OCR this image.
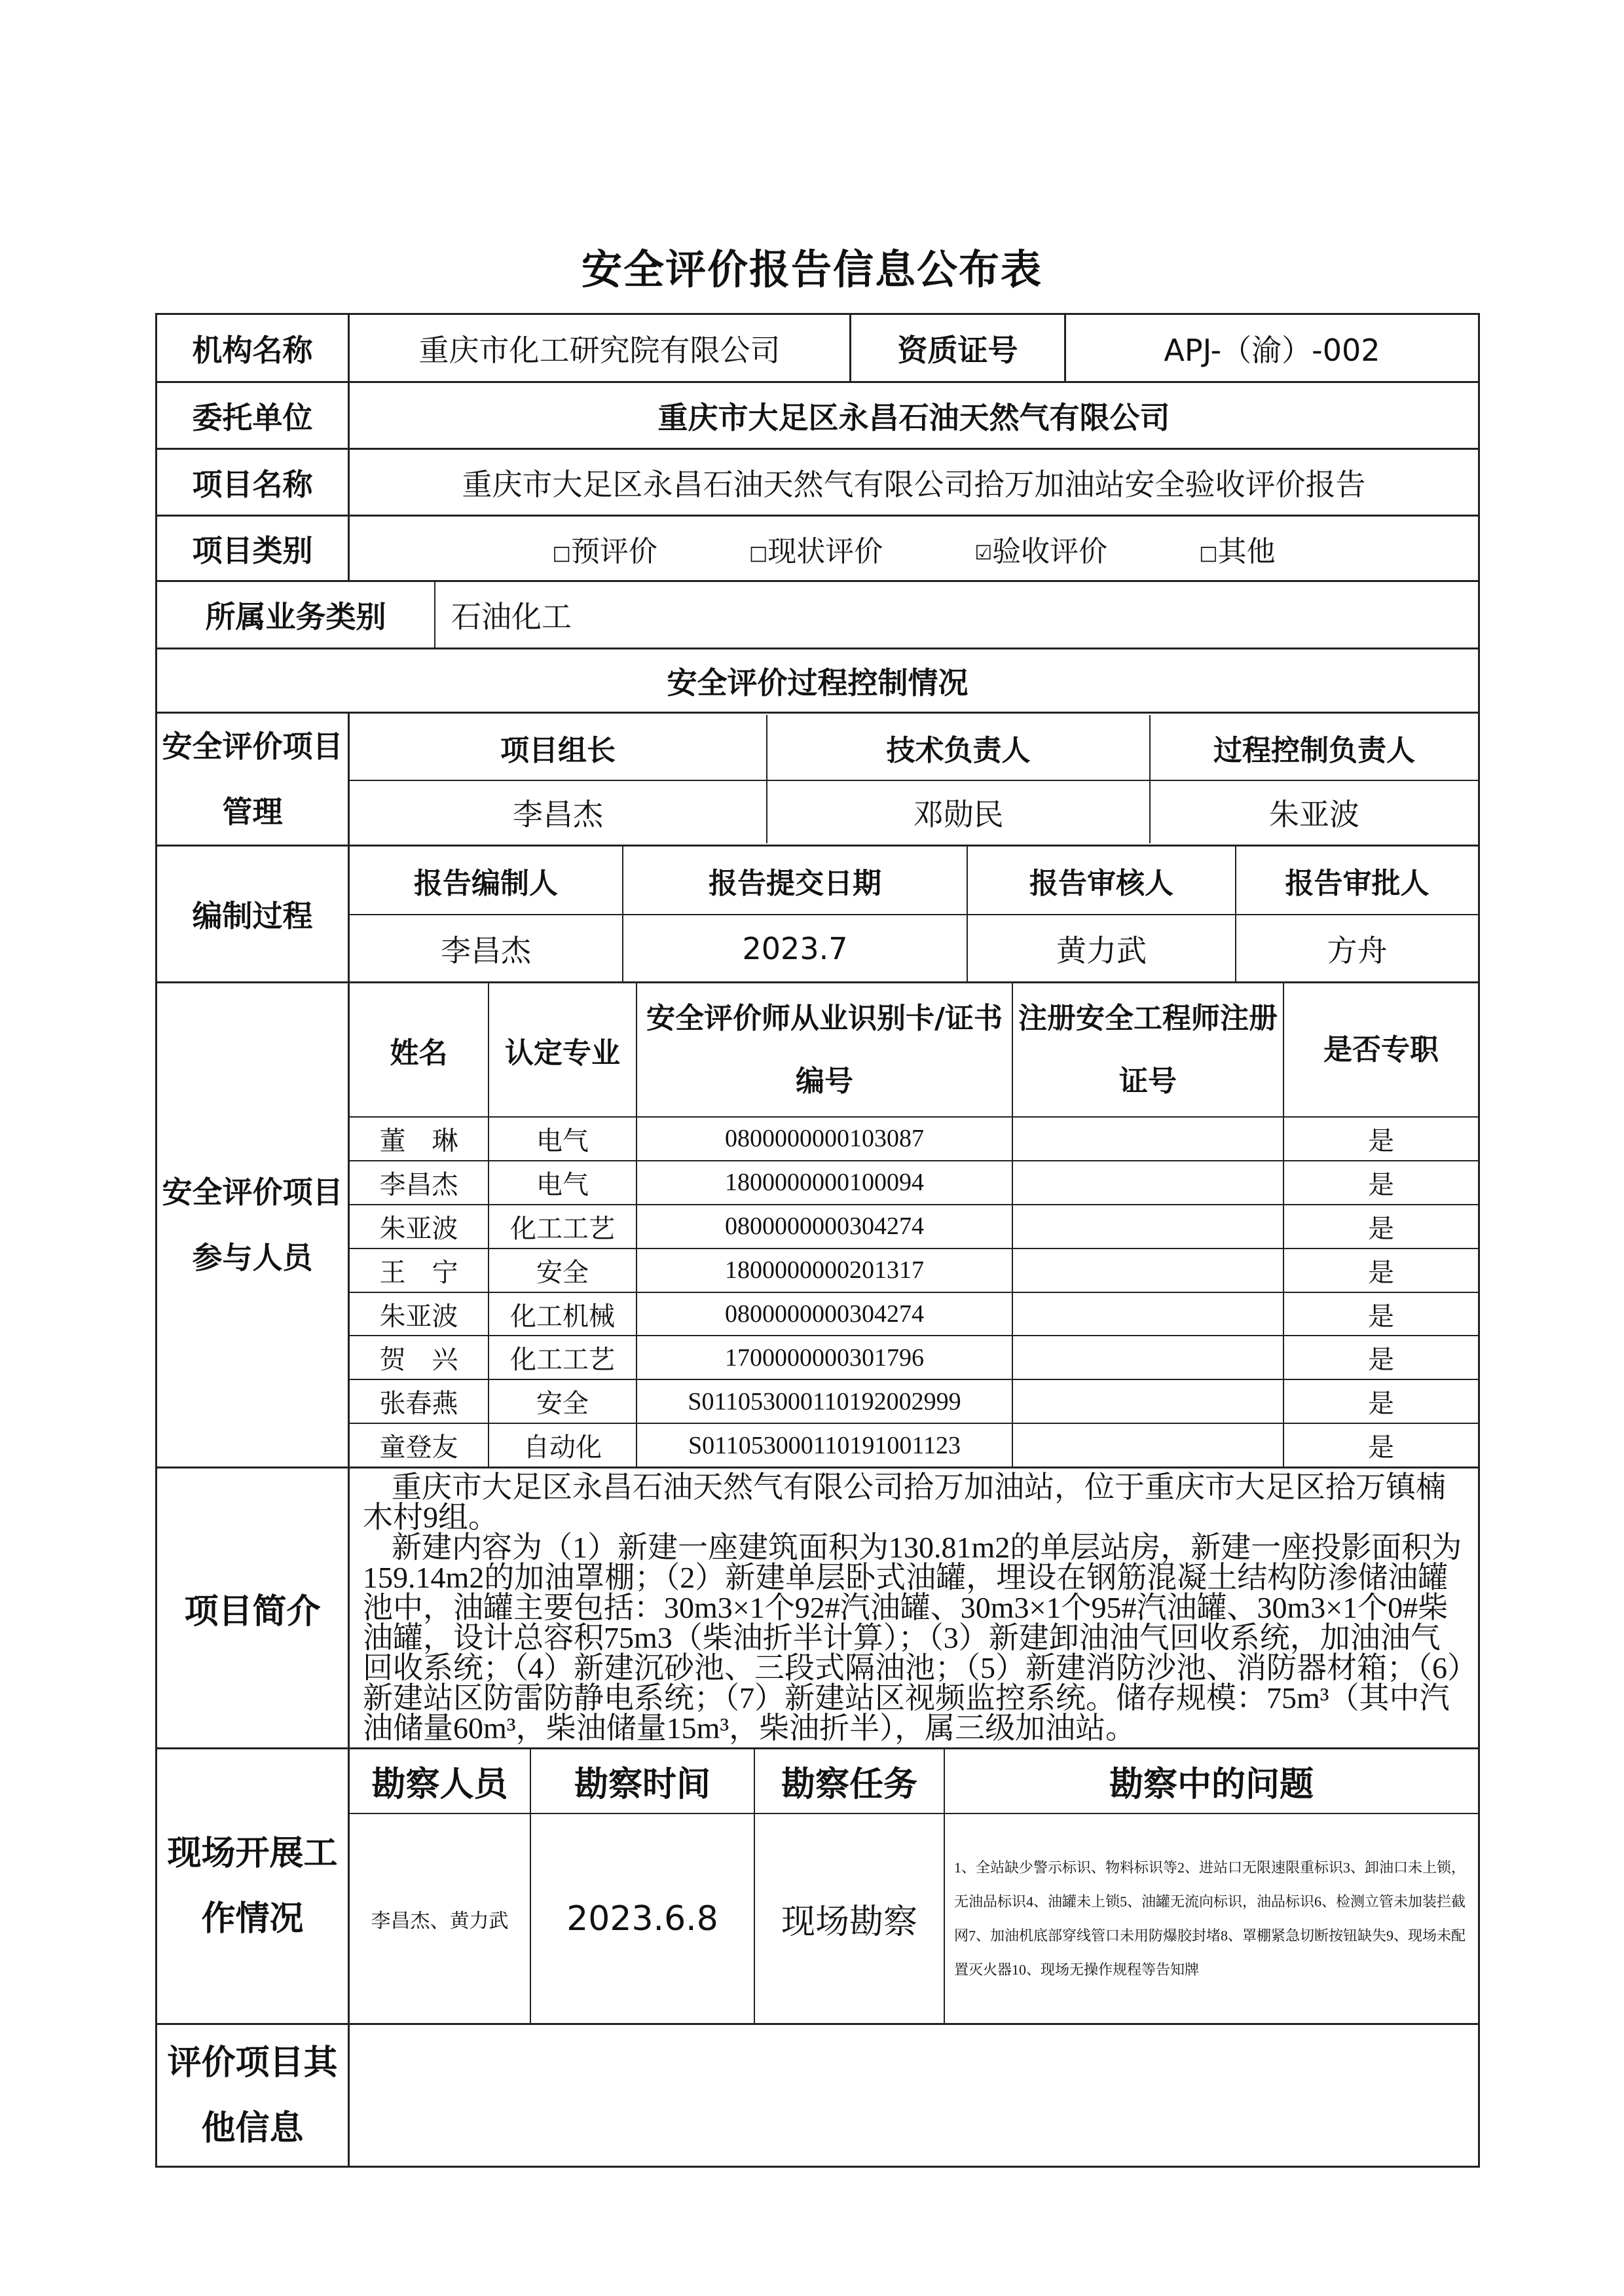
安全评价报告信息公布表
机构名称	重庆市化工研究院有限公司	资质证号	APJ-（渝）-002
委托单位	重庆市大足区永昌石油天然气有限公司
项目名称	重庆市大足区永昌石油天然气有限公司拾万加油站安全验收评价报告
项目类别	□预评价	□现状评价	☑验收评价	□其他

所属业务类别	石油化工

安全评价过程控制情况
安全评价项目管理	
项目组长	技术负责人	过程控制负责人
李昌杰	邓勋民	朱亚波

编制过程	
报告编制人	报告提交日期	报告审核人	报告审批人
李昌杰	2023.7	黄力武	方舟

安全评价项目参与人员	
姓名	认定专业	安全评价师从业识别卡/证书编号	注册安全工程师注册证号	是否专职
董　琳	电气	0800000000103087		是
李昌杰	电气	1800000000100094		是
朱亚波	化工工艺	0800000000304274		是
王　宁	安全	1800000000201317		是
朱亚波	化工机械	0800000000304274		是
贺　兴	化工工艺	1700000000301796		是
张春燕	安全	S011053000110192002999		是
童登友	自动化	S011053000110191001123		是

项目简介	

重庆市大足区永昌石油天然气有限公司拾万加油站，位于重庆市大足区拾万镇楠木村9组。

新建内容为（1）新建一座建筑面积为130.81m2的单层站房，新建一座投影面积为159.14m2的加油罩棚；（2）新建单层卧式油罐，埋设在钢筋混凝土结构防渗储油罐池中，油罐主要包括：30m3×1个92#汽油罐、30m3×1个95#汽油罐、30m3×1个0#柴油罐，设计总容积75m3（柴油折半计算）；（3）新建卸油油气回收系统，加油油气回收系统；（4）新建沉砂池、三段式隔油池；（5）新建消防沙池、消防器材箱；（6）新建站区防雷防静电系统；（7）新建站区视频监控系统。储存规模：75m³（其中汽油储量60m³，柴油储量15m³，柴油折半），属三级加油站。

现场开展工作情况	
勘察人员	勘察时间	勘察任务	勘察中的问题
李昌杰、黄力武	2023.6.8	现场勘察	1、全站缺少警示标识、物料标识等2、进站口无限速限重标识3、卸油口未上锁，无油品标识4、油罐未上锁5、油罐无流向标识，油品标识6、检测立管未加装拦截网7、加油机底部穿线管口未用防爆胶封堵8、罩棚紧急切断按钮缺失9、现场未配置灭火器10、现场无操作规程等告知牌

评价项目其他信息	
